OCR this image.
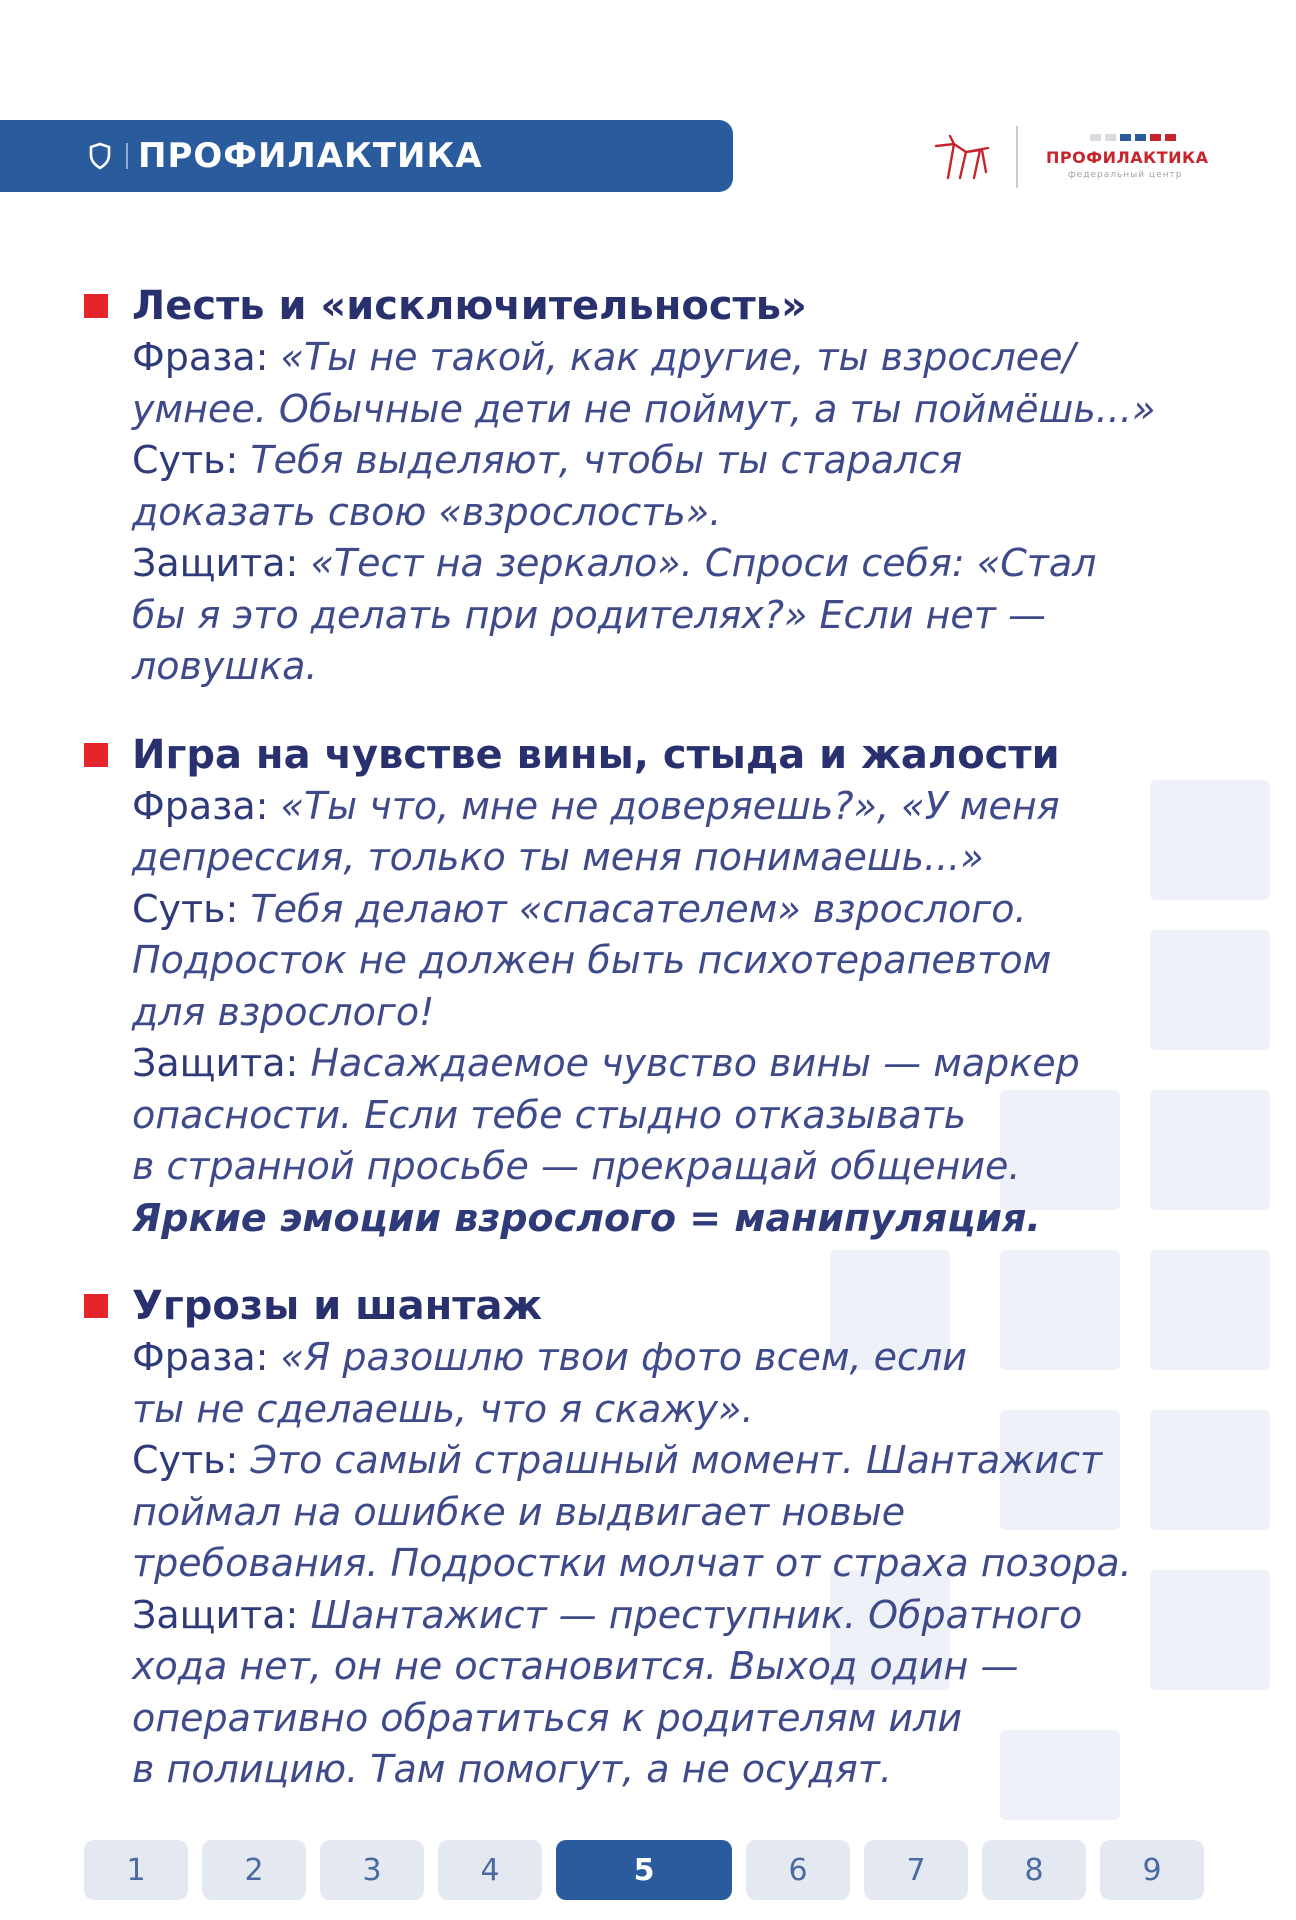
ПРОФИЛАКТИКА	ПРОФИЛАКТИКА
федеральный центр
Лесть и «исключительность»
Фраза: «Ты не такой, как другие, ты взрослее/
умнее. Обычные дети не поймут, а ты поймёшь...»
Суть: Тебя выделяют, чтобы ты старался
доказать свою «взрослость».
Защита: «Тест на зеркало». Спроси себя: «Стал
бы я это делать при родителях?» Если нет —
ловушка.
Игра на чувстве вины, стыда и жалости
Фраза: «Ты что, мне не доверяешь?», «У меня
депрессия, только ты меня понимаешь...»
Суть: Тебя делают «спасателем» взрослого.
Подросток не должен быть психотерапевтом
для взрослого!
Защита: Насаждаемое чувство вины — маркер
опасности. Если тебе стыдно отказывать
в странной просьбе — прекращай общение.
Яркие эмоции взрослого = манипуляция.
Угрозы и шантаж
Фраза: «Я разошлю твои фото всем, если
ты не сделаешь, что я скажу».
Суть: Это самый страшный момент. Шантажист
поймал на ошибке и выдвигает новые
требования. Подростки молчат от страха позора.
Защита: Шантажист — преступник. Обратного
хода нет, он не остановится. Выход один —
оперативно обратиться к родителям или
в полицию. Там помогут, а не осудят.
1	2	3	4	5	6	7	8	9
